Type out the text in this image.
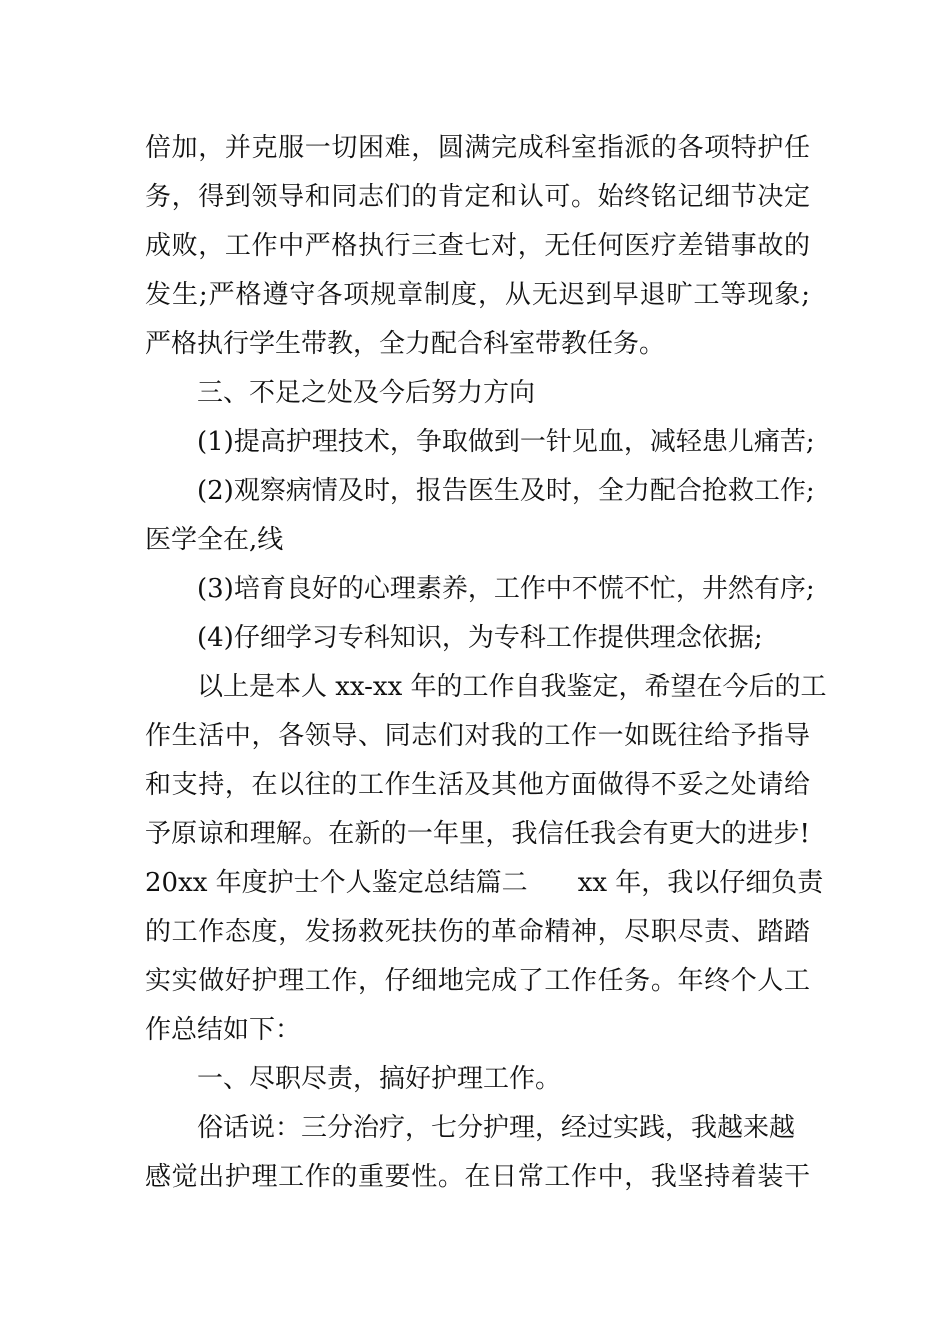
倍加，并克服一切困难，圆满完成科室指派的各项特护任
务，得到领导和同志们的肯定和认可。始终铭记细节决定
成败，工作中严格执行三查七对，无任何医疗差错事故的
发生;严格遵守各项规章制度，从无迟到早退旷工等现象;
严格执行学生带教，全力配合科室带教任务。
三、不足之处及今后努力方向
(1)提高护理技术，争取做到一针见血，减轻患儿痛苦;
(2)观察病情及时，报告医生及时，全力配合抢救工作;
医学全在,线
(3)培育良好的心理素养，工作中不慌不忙，井然有序;
(4)仔细学习专科知识，为专科工作提供理念依据;
以上是本人 xx-xx 年的工作自我鉴定，希望在今后的工
作生活中，各领导、同志们对我的工作一如既往给予指导
和支持，在以往的工作生活及其他方面做得不妥之处请给
予原谅和理解。在新的一年里，我信任我会有更大的进步!
20xx 年度护士个人鉴定总结篇二 xx 年，我以仔细负责
的工作态度，发扬救死扶伤的革命精神，尽职尽责、踏踏
实实做好护理工作，仔细地完成了工作任务。年终个人工
作总结如下：
一、尽职尽责，搞好护理工作。
俗话说：三分治疗，七分护理，经过实践，我越来越
感觉出护理工作的重要性。在日常工作中，我坚持着装干
